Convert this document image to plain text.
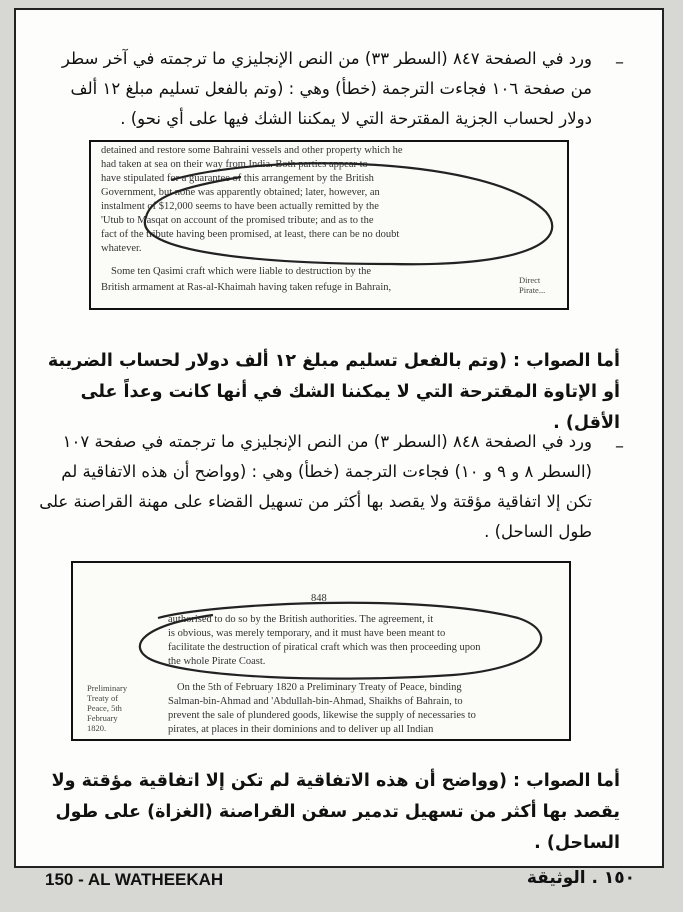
–
ورد في الصفحة ٨٤٧ (السطر ٣٣) من النص الإنجليزي ما ترجمته في آخر سطر من صفحة ١٠٦ فجاءت الترجمة (خطأ) وهي : (وتم بالفعل تسليم مبلغ ١٢ ألف دولار لحساب الجزية المقترحة التي لا يمكننا الشك فيها على أي نحو) .
detained and restore some Bahraini vessels and other property which he
had taken at sea on their way from India. Both parties appear to
have stipulated for a guarantee of this arrangement by the British
Government, but none was apparently obtained; later, however, an
instalment of $12,000 seems to have been actually remitted by the
'Utub to Masqat on account of the promised tribute; and as to the
fact of the tribute having been promised, at least, there can be no doubt
whatever.
Some ten Qasimi craft which were liable to destruction by the
British armament at Ras-al-Khaimah having taken refuge in Bahrain,
Direct Pirate...
أما الصواب : (وتم بالفعل تسليم مبلغ ١٢ ألف دولار لحساب الضريبة أو الإتاوة المقترحة التي لا يمكننا الشك في أنها كانت وعداً على الأقل) .
–
ورد في الصفحة ٨٤٨ (السطر ٣) من النص الإنجليزي ما ترجمته في صفحة ١٠٧ (السطر ٨ و ٩ و ١٠) فجاءت الترجمة (خطأ) وهي : (وواضح أن هذه الاتفاقية لم تكن إلا اتفاقية مؤقتة ولا يقصد بها أكثر من تسهيل القضاء على مهنة القراصنة على طول الساحل) .
848
authorised to do so by the British authorities. The agreement, it
is obvious, was merely temporary, and it must have been meant to
facilitate the destruction of piratical craft which was then proceeding upon
the whole Pirate Coast.
On the 5th of February 1820 a Preliminary Treaty of Peace, binding
Salman-bin-Ahmad and 'Abdullah-bin-Ahmad, Shaikhs of Bahrain, to
prevent the sale of plundered goods, likewise the supply of necessaries to
pirates, at places in their dominions and to deliver up all Indian
Preliminary
Treaty of
Peace, 5th
February
1820.
أما الصواب : (وواضح أن هذه الاتفاقية لم تكن إلا اتفاقية مؤقتة ولا يقصد بها أكثر من تسهيل تدمير سفن القراصنة (الغزاة) على طول الساحل) .
150 - AL WATHEEKAH	١٥٠ . الوثيقة
